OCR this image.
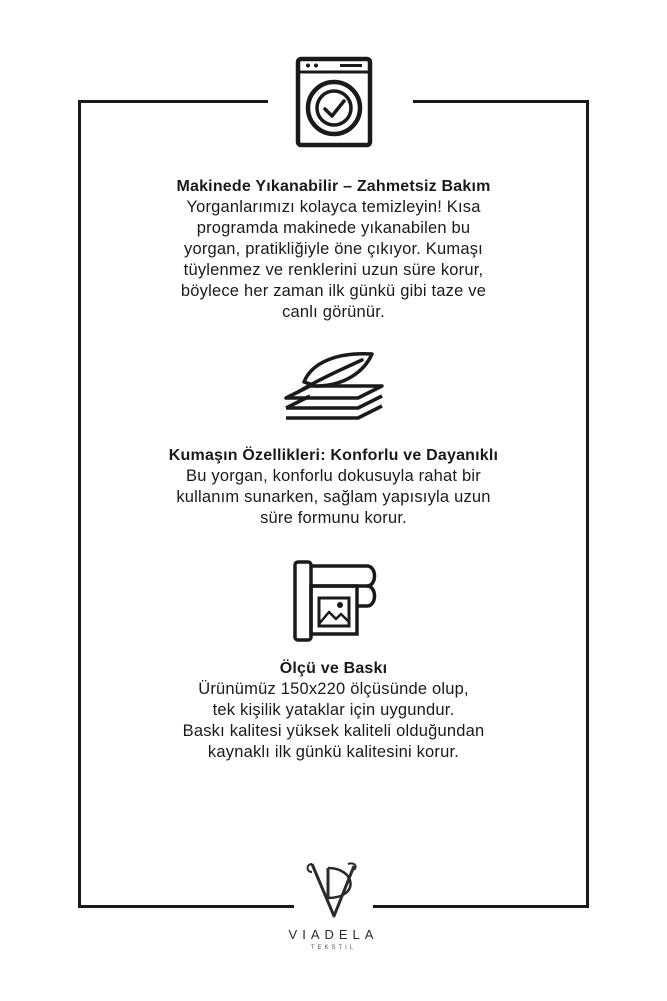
Makinede Yıkanabilir – Zahmetsiz Bakım
Yorganlarımızı kolayca temizleyin! Kısa
programda makinede yıkanabilen bu
yorgan, pratikliğiyle öne çıkıyor. Kumaşı
tüylenmez ve renklerini uzun süre korur,
böylece her zaman ilk günkü gibi taze ve
canlı görünür.
Kumaşın Özellikleri: Konforlu ve Dayanıklı
Bu yorgan, konforlu dokusuyla rahat bir
kullanım sunarken, sağlam yapısıyla uzun
süre formunu korur.
Ölçü ve Baskı
Ürünümüz 150x220 ölçüsünde olup,
tek kişilik yataklar için uygundur.
Baskı kalitesi yüksek kaliteli olduğundan
kaynaklı ilk günkü kalitesini korur.
VIADELA
TEKSTIL
